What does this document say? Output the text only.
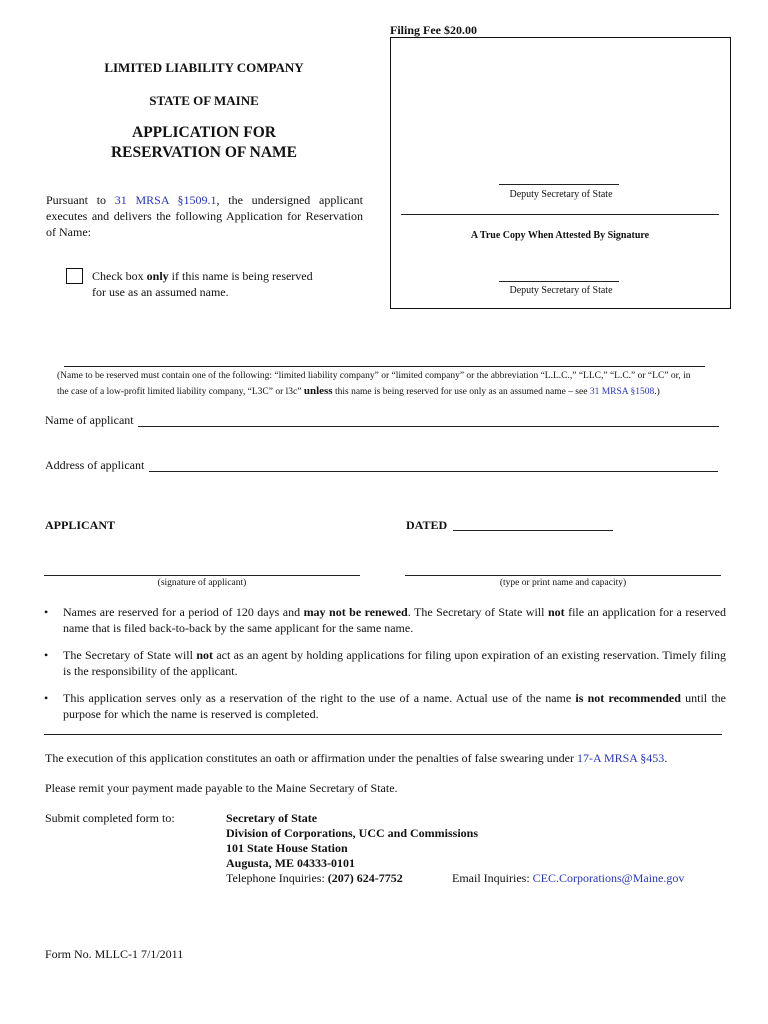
Filing Fee $20.00
Deputy Secretary of State
A True Copy When Attested By Signature
Deputy Secretary of State
LIMITED LIABILITY COMPANY
STATE OF MAINE
APPLICATION FOR
RESERVATION OF NAME
Pursuant to 31 MRSA §1509.1, the undersigned applicant executes and delivers the following Application for Reservation of Name:
Check box only if this name is being reserved
for use as an assumed name.
(Name to be reserved must contain one of the following: “limited liability company” or “limited company” or the abbreviation “L.L.C.,” “LLC,” “L.C.” or “LC” or, in
the case of a low-profit limited liability company, “L3C” or l3c” unless this name is being reserved for use only as an assumed name – see 31 MRSA §1508.)
Name of applicant
Address of applicant
APPLICANT	DATED
(signature of applicant)	(type or print name and capacity)
• Names are reserved for a period of 120 days and may not be renewed. The Secretary of State will not file an application for a reserved name that is filed back-to-back by the same applicant for the same name.
• The Secretary of State will not act as an agent by holding applications for filing upon expiration of an existing reservation. Timely filing is the responsibility of the applicant.
• This application serves only as a reservation of the right to the use of a name. Actual use of the name is not recommended until the purpose for which the name is reserved is completed.
The execution of this application constitutes an oath or affirmation under the penalties of false swearing under 17-A MRSA §453.
Please remit your payment made payable to the Maine Secretary of State.
Submit completed form to:	Secretary of State
Division of Corporations, UCC and Commissions
101 State House Station
Augusta, ME 04333-0101
Telephone Inquiries: (207) 624-7752	Email Inquiries: CEC.Corporations@Maine.gov
Form No. MLLC-1 7/1/2011
